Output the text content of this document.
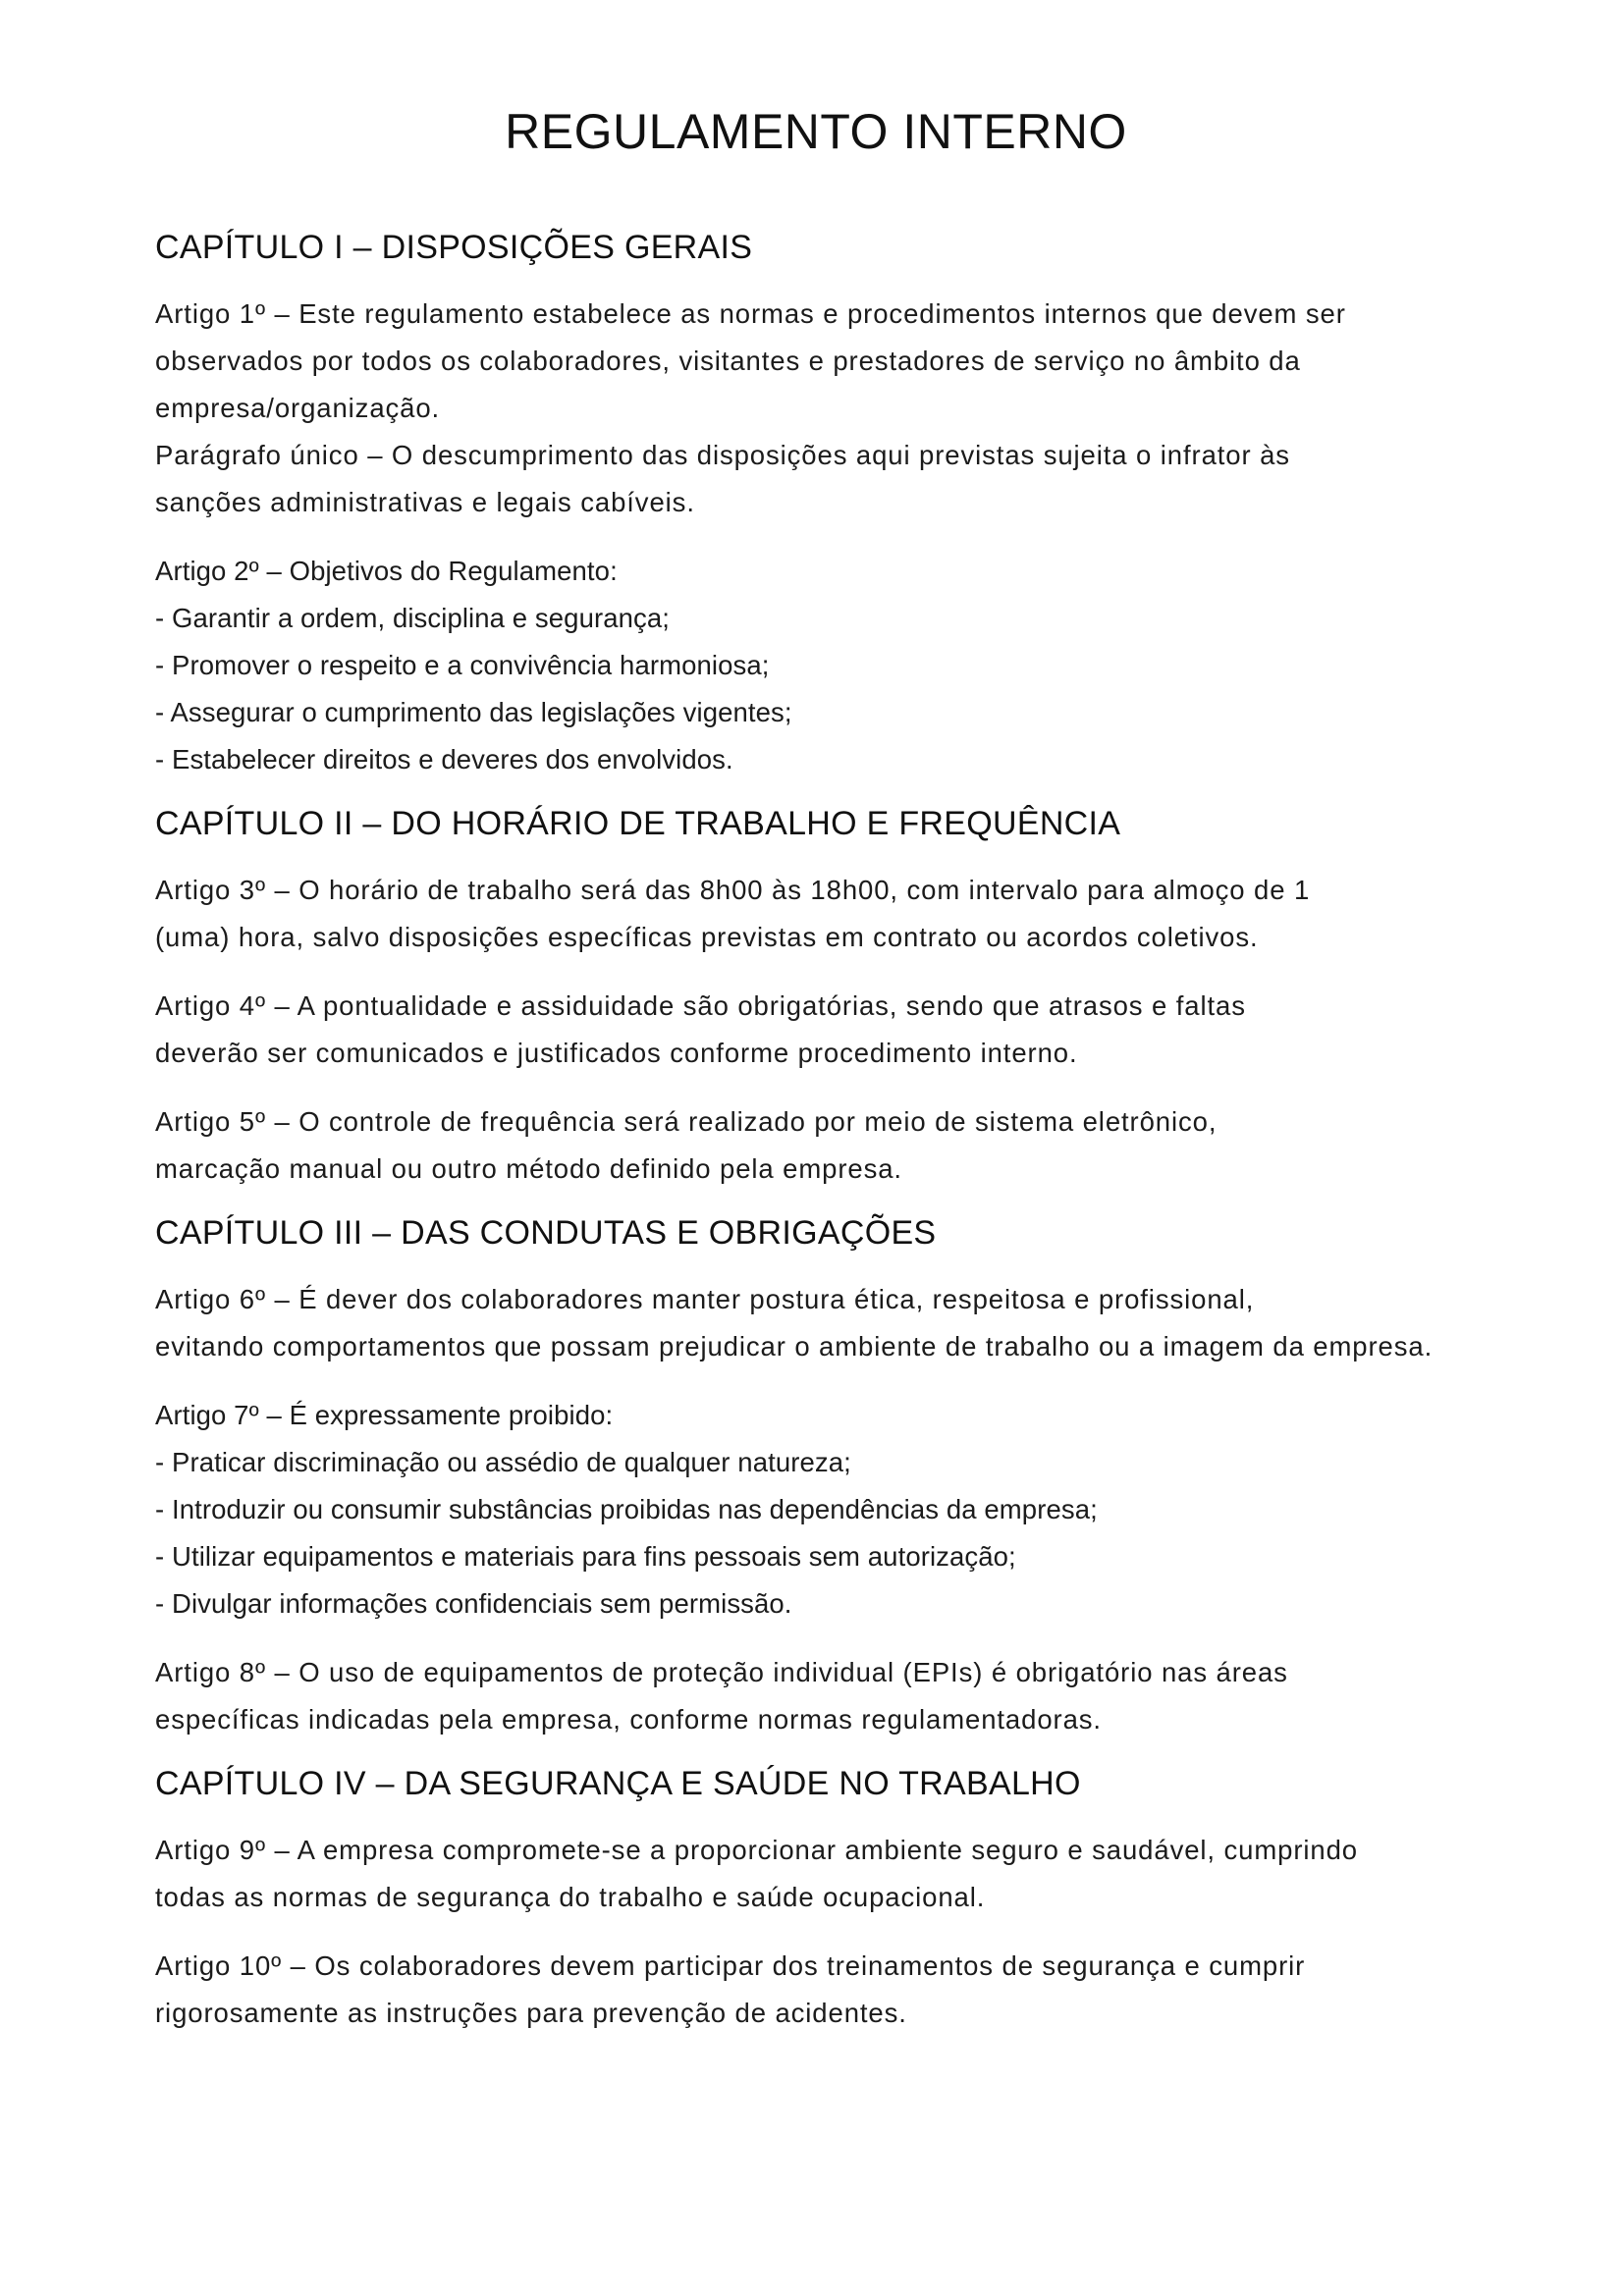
REGULAMENTO INTERNO
CAPÍTULO I – DISPOSIÇÕES GERAIS

Artigo 1º – Este regulamento estabelece as normas e procedimentos internos que devem ser
observados por todos os colaboradores, visitantes e prestadores de serviço no âmbito da
empresa/organização.
Parágrafo único – O descumprimento das disposições aqui previstas sujeita o infrator às
sanções administrativas e legais cabíveis.

Artigo 2º – Objetivos do Regulamento:
- Garantir a ordem, disciplina e segurança;
- Promover o respeito e a convivência harmoniosa;
- Assegurar o cumprimento das legislações vigentes;
- Estabelecer direitos e deveres dos envolvidos.

CAPÍTULO II – DO HORÁRIO DE TRABALHO E FREQUÊNCIA

Artigo 3º – O horário de trabalho será das 8h00 às 18h00, com intervalo para almoço de 1
(uma) hora, salvo disposições específicas previstas em contrato ou acordos coletivos.

Artigo 4º – A pontualidade e assiduidade são obrigatórias, sendo que atrasos e faltas
deverão ser comunicados e justificados conforme procedimento interno.

Artigo 5º – O controle de frequência será realizado por meio de sistema eletrônico,
marcação manual ou outro método definido pela empresa.

CAPÍTULO III – DAS CONDUTAS E OBRIGAÇÕES

Artigo 6º – É dever dos colaboradores manter postura ética, respeitosa e profissional,
evitando comportamentos que possam prejudicar o ambiente de trabalho ou a imagem da empresa.

Artigo 7º – É expressamente proibido:
- Praticar discriminação ou assédio de qualquer natureza;
- Introduzir ou consumir substâncias proibidas nas dependências da empresa;
- Utilizar equipamentos e materiais para fins pessoais sem autorização;
- Divulgar informações confidenciais sem permissão.

Artigo 8º – O uso de equipamentos de proteção individual (EPIs) é obrigatório nas áreas
específicas indicadas pela empresa, conforme normas regulamentadoras.

CAPÍTULO IV – DA SEGURANÇA E SAÚDE NO TRABALHO

Artigo 9º – A empresa compromete-se a proporcionar ambiente seguro e saudável, cumprindo
todas as normas de segurança do trabalho e saúde ocupacional.

Artigo 10º – Os colaboradores devem participar dos treinamentos de segurança e cumprir
rigorosamente as instruções para prevenção de acidentes.
